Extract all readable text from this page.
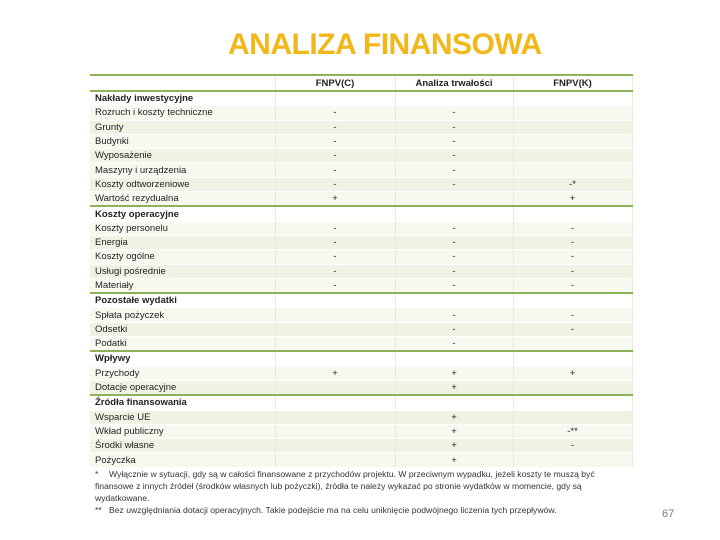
ANALIZA FINANSOWA
	FNPV(C)	Analiza trwałości	FNPV(K)
Nakłady inwestycyjne			
Rozruch i koszty techniczne	-	-	
Grunty	-	-	
Budynki	-	-	
Wyposażenie	-	-	
Maszyny i urządzenia	-	-	
Koszty odtworzeniowe	-	-	-*
Wartość rezydualna	+		+
Koszty operacyjne			
Koszty personelu	-	-	-
Energia	-	-	-
Koszty ogólne	-	-	-
Usługi pośrednie	-	-	-
Materiały	-	-	-
Pozostałe wydatki			
Spłata pożyczek		-	-
Odsetki		-	-
Podatki		-	
Wpływy			
Przychody	+	+	+
Dotacje operacyjne		+	
Źródła finansowania			
Wsparcie UE		+	
Wkład publiczny		+	-**
Środki własne		+	-
Pożyczka		+	
* Wyłącznie w sytuacji, gdy są w całości finansowane z przychodów projektu. W przeciwnym wypadku, jeżeli koszty te muszą być finansowe z innych źródeł (środków własnych lub pożyczki), źródła te należy wykazać po stronie wydatków w momencie, gdy są wydatkowane.
** Bez uwzględniania dotacji operacyjnych. Takie podejście ma na celu uniknięcie podwójnego liczenia tych przepływów.	67
